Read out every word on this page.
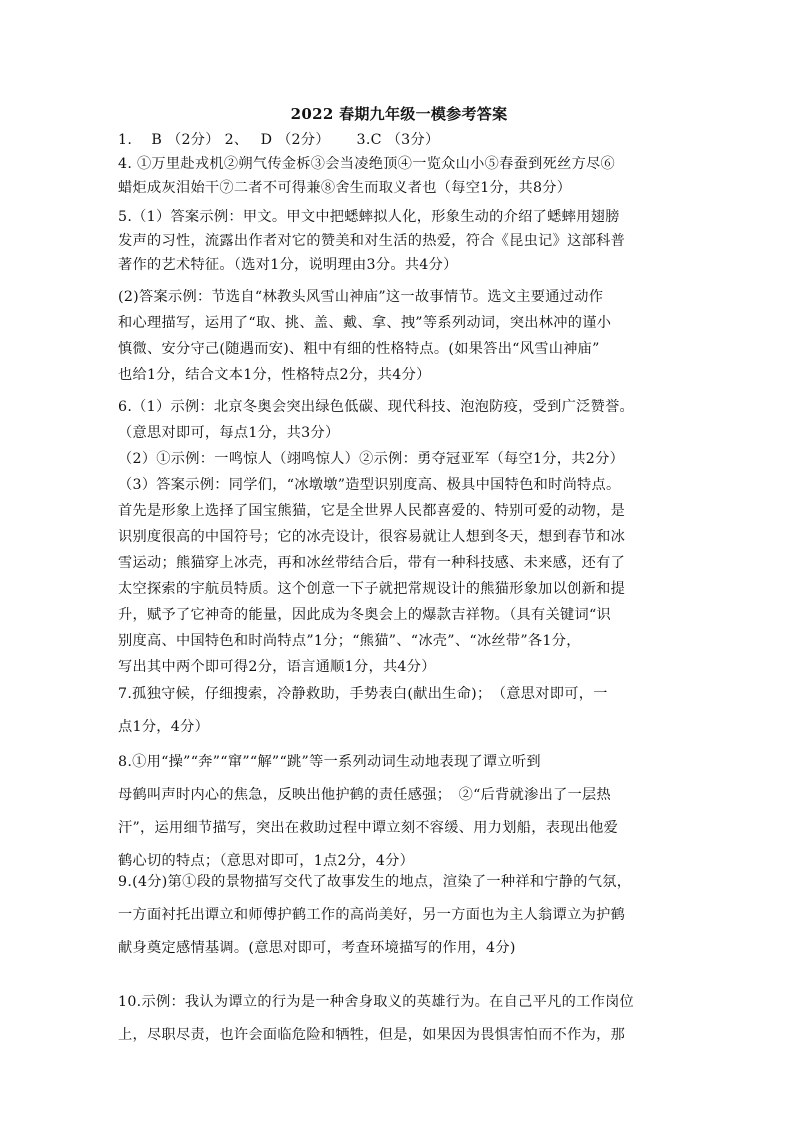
2022 春期九年级一模参考答案

1.　 B （2分） 2、　 D （2分）　　 3.C （3分）

4. ①万里赴戎机②朔气传金柝③会当凌绝顶④一览众山小⑤春蚕到死丝方尽⑥
蜡炬成灰泪始干⑦二者不可得兼⑧舍生而取义者也（每空1分，共8分）

5.（1）答案示例：甲文。甲文中把蟋蟀拟人化，形象生动的介绍了蟋蟀用翅膀
发声的习性，流露出作者对它的赞美和对生活的热爱，符合《昆虫记》这部科普
著作的艺术特征。（选对1分，说明理由3分。共4分）

(2)答案示例：节选自“林教头风雪山神庙”这一故事情节。选文主要通过动作
和心理描写，运用了“取、挑、盖、戴、拿、拽”等系列动词，突出林冲的谨小
慎微、安分守己(随遇而安)、粗中有细的性格特点。(如果答出“风雪山神庙”
也给1分，结合文本1分，性格特点2分，共4分）

6.（1）示例：北京冬奥会突出绿色低碳、现代科技、泡泡防疫，受到广泛赞誉。
（意思对即可，每点1分，共3分）

（2）①示例：一鸣惊人（翊鸣惊人）②示例：勇夺冠亚军（每空1分，共2分）

（3）答案示例：同学们，“冰墩墩”造型识别度高、极具中国特色和时尚特点。
首先是形象上选择了国宝熊猫，它是全世界人民都喜爱的、特别可爱的动物，是
识别度很高的中国符号；它的冰壳设计，很容易就让人想到冬天，想到春节和冰
雪运动；熊猫穿上冰壳，再和冰丝带结合后，带有一种科技感、未来感，还有了
太空探索的宇航员特质。这个创意一下子就把常规设计的熊猫形象加以创新和提
升，赋予了它神奇的能量，因此成为冬奥会上的爆款吉祥物。（具有关键词“识
别度高、中国特色和时尚特点”1分；“熊猫”、“冰壳”、“冰丝带”各1分，
写出其中两个即可得2分，语言通顺1分，共4分）

7.孤独守候，仔细搜索，冷静救助，手势表白(献出生命)；　（意思对即可，一
点1分，4分）

8.①用“操”“奔”“窜”“解”“跳”等一系列动词生动地表现了谭立听到
母鹤叫声时内心的焦急，反映出他护鹤的责任感强；　②“后背就渗出了一层热
汗”，运用细节描写，突出在救助过程中谭立刻不容缓、用力划船，表现出他爱
鹤心切的特点；（意思对即可，1点2分，4分）

9.(4分)第①段的景物描写交代了故事发生的地点，渲染了一种祥和宁静的气氛，
一方面衬托出谭立和师傅护鹤工作的高尚美好，另一方面也为主人翁谭立为护鹤
献身奠定感情基调。(意思对即可，考查环境描写的作用，4分)

10.示例：我认为谭立的行为是一种舍身取义的英雄行为。在自己平凡的工作岗位
上，尽职尽责，也许会面临危险和牺牲，但是，如果因为畏惧害怕而不作为，那
